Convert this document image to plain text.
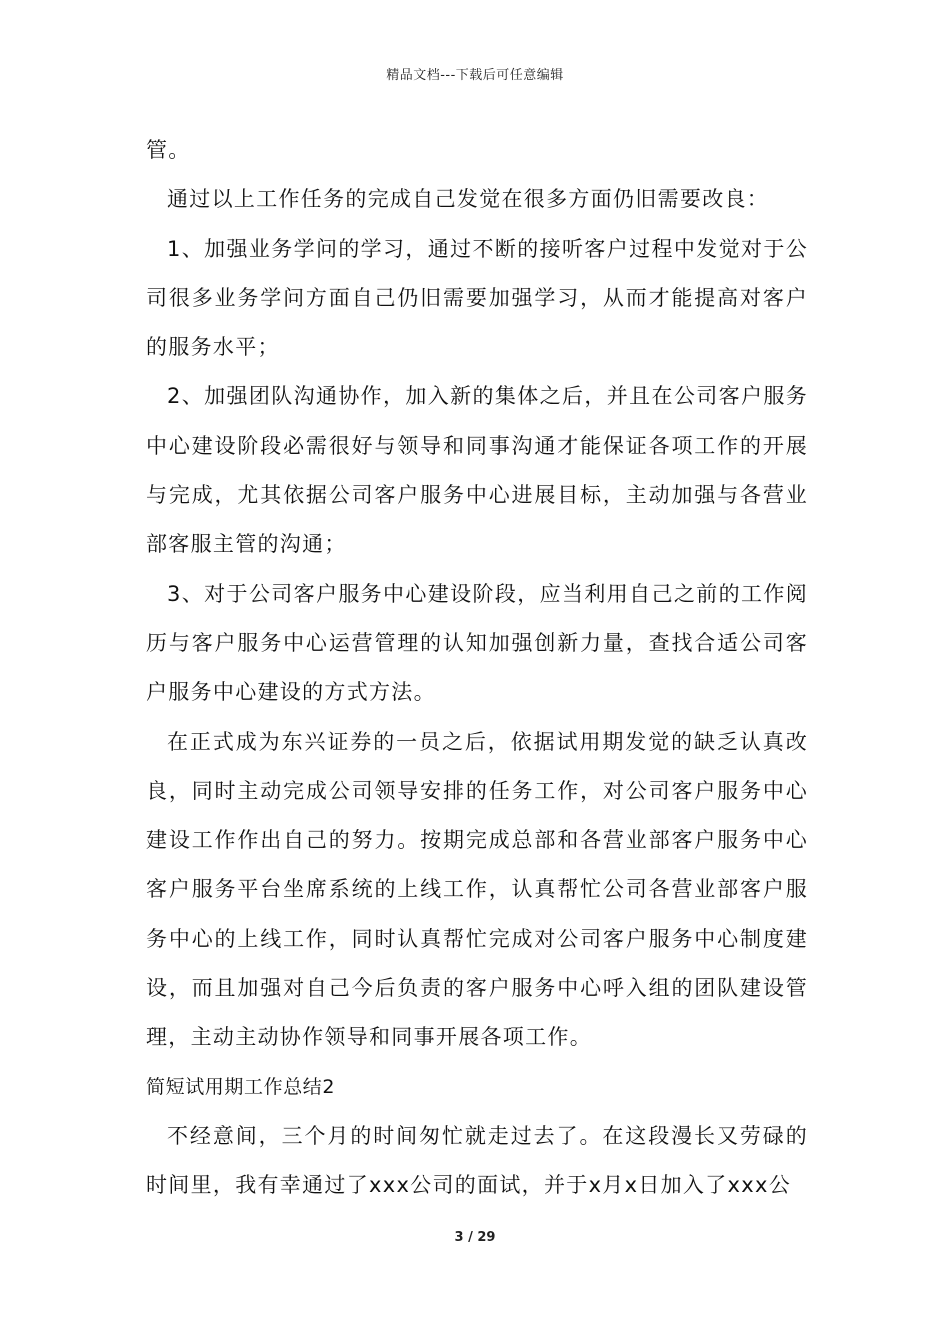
精品文档---下载后可任意编辑

管。

通过以上工作任务的完成自己发觉在很多方面仍旧需要改良：

1、加强业务学问的学习，通过不断的接听客户过程中发觉对于公司很多业务学问方面自己仍旧需要加强学习，从而才能提高对客户的服务水平；

2、加强团队沟通协作，加入新的集体之后，并且在公司客户服务中心建设阶段必需很好与领导和同事沟通才能保证各项工作的开展与完成，尤其依据公司客户服务中心进展目标，主动加强与各营业部客服主管的沟通；

3、对于公司客户服务中心建设阶段，应当利用自己之前的工作阅历与客户服务中心运营管理的认知加强创新力量，查找合适公司客户服务中心建设的方式方法。

在正式成为东兴证券的一员之后，依据试用期发觉的缺乏认真改良，同时主动完成公司领导安排的任务工作，对公司客户服务中心建设工作作出自己的努力。按期完成总部和各营业部客户服务中心客户服务平台坐席系统的上线工作，认真帮忙公司各营业部客户服务中心的上线工作，同时认真帮忙完成对公司客户服务中心制度建设，而且加强对自己今后负责的客户服务中心呼入组的团队建设管理，主动主动协作领导和同事开展各项工作。

简短试用期工作总结2

不经意间，三个月的时间匆忙就走过去了。在这段漫长又劳碌的时间里，我有幸通过了xxx公司的面试，并于x月x日加入了xxx公

3 / 29
